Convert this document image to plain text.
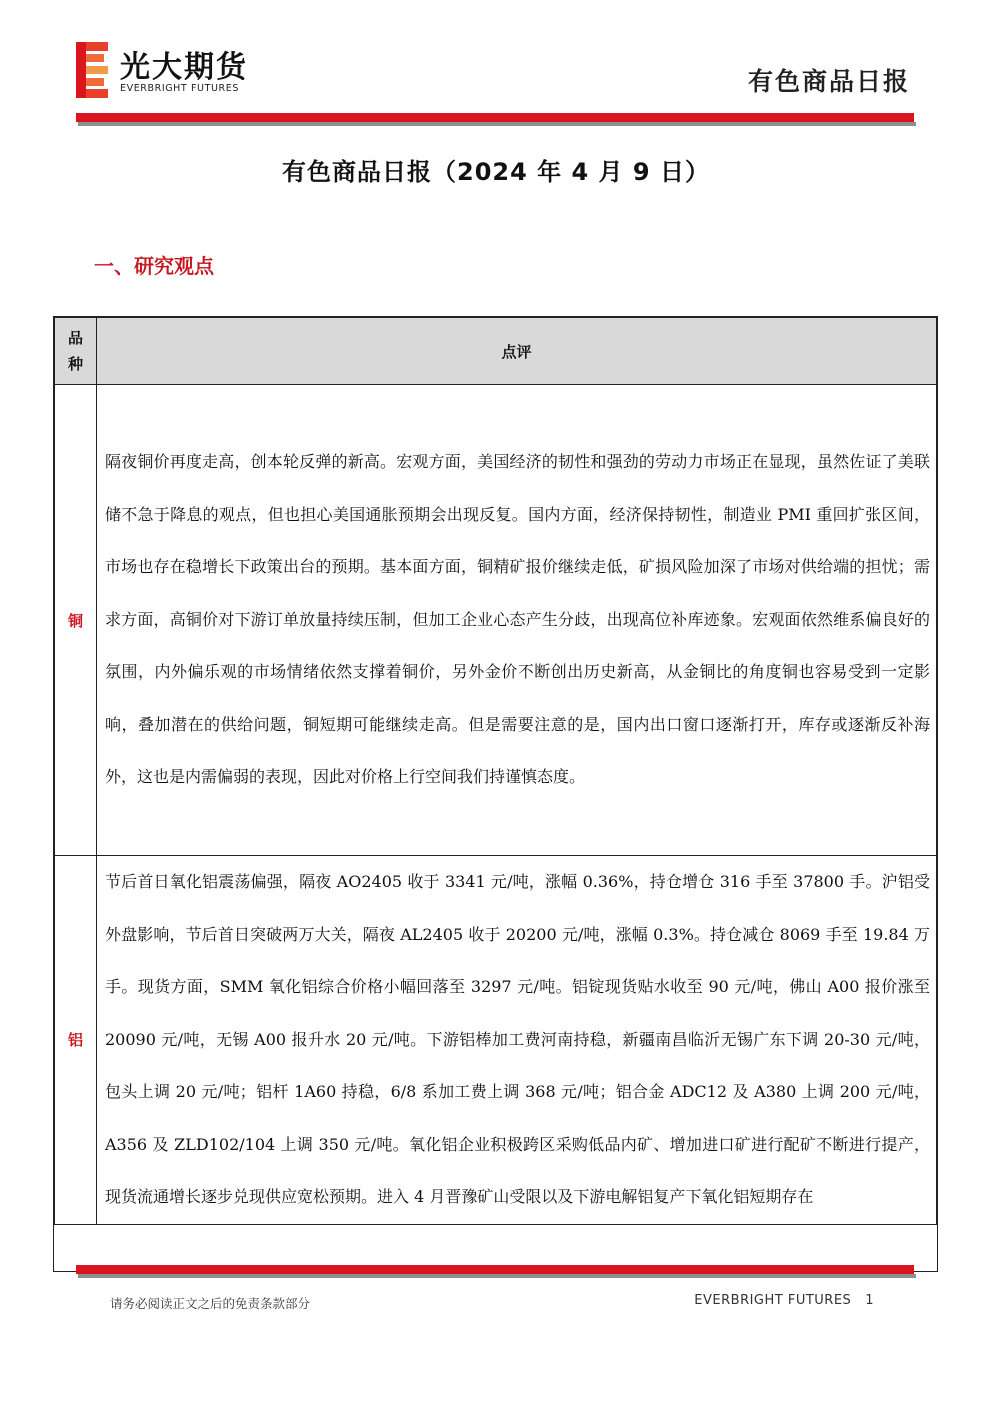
光大期货
EVERBRIGHT FUTURES	有色商品日报
有色商品日报（2024 年 4 月 9 日）
一、研究观点
品种	点评
铜	隔夜铜价再度走高，创本轮反弹的新高。宏观方面，美国经济的韧性和强劲的劳动力市场正在显现，虽然佐证了美联储不急于降息的观点，但也担心美国通胀预期会出现反复。国内方面，经济保持韧性，制造业 PMI 重回扩张区间，市场也存在稳增长下政策出台的预期。基本面方面，铜精矿报价继续走低，矿损风险加深了市场对供给端的担忧；需求方面，高铜价对下游订单放量持续压制，但加工企业心态产生分歧，出现高位补库迹象。宏观面依然维系偏良好的氛围，内外偏乐观的市场情绪依然支撑着铜价，另外金价不断创出历史新高，从金铜比的角度铜也容易受到一定影响，叠加潜在的供给问题，铜短期可能继续走高。但是需要注意的是，国内出口窗口逐渐打开，库存或逐渐反补海外，这也是内需偏弱的表现，因此对价格上行空间我们持谨慎态度。
铝	节后首日氧化铝震荡偏强，隔夜 AO2405 收于 3341 元/吨，涨幅 0.36%，持仓增仓 316 手至 37800 手。沪铝受外盘影响，节后首日突破两万大关，隔夜 AL2405 收于 20200 元/吨，涨幅 0.3%。持仓减仓 8069 手至 19.84 万手。现货方面，SMM 氧化铝综合价格小幅回落至 3297 元/吨。铝锭现货贴水收至 90 元/吨，佛山 A00 报价涨至 20090 元/吨，无锡 A00 报升水 20 元/吨。下游铝棒加工费河南持稳，新疆南昌临沂无锡广东下调 20-30 元/吨，包头上调 20 元/吨；铝杆 1A60 持稳，6/8 系加工费上调 368 元/吨；铝合金 ADC12 及 A380 上调 200 元/吨，A356 及 ZLD102/104 上调 350 元/吨。氧化铝企业积极跨区采购低品内矿、增加进口矿进行配矿不断进行提产，现货流通增长逐步兑现供应宽松预期。进入 4 月晋豫矿山受限以及下游电解铝复产下氧化铝短期存在
请务必阅读正文之后的免责条款部分	EVERBRIGHT FUTURES 1
